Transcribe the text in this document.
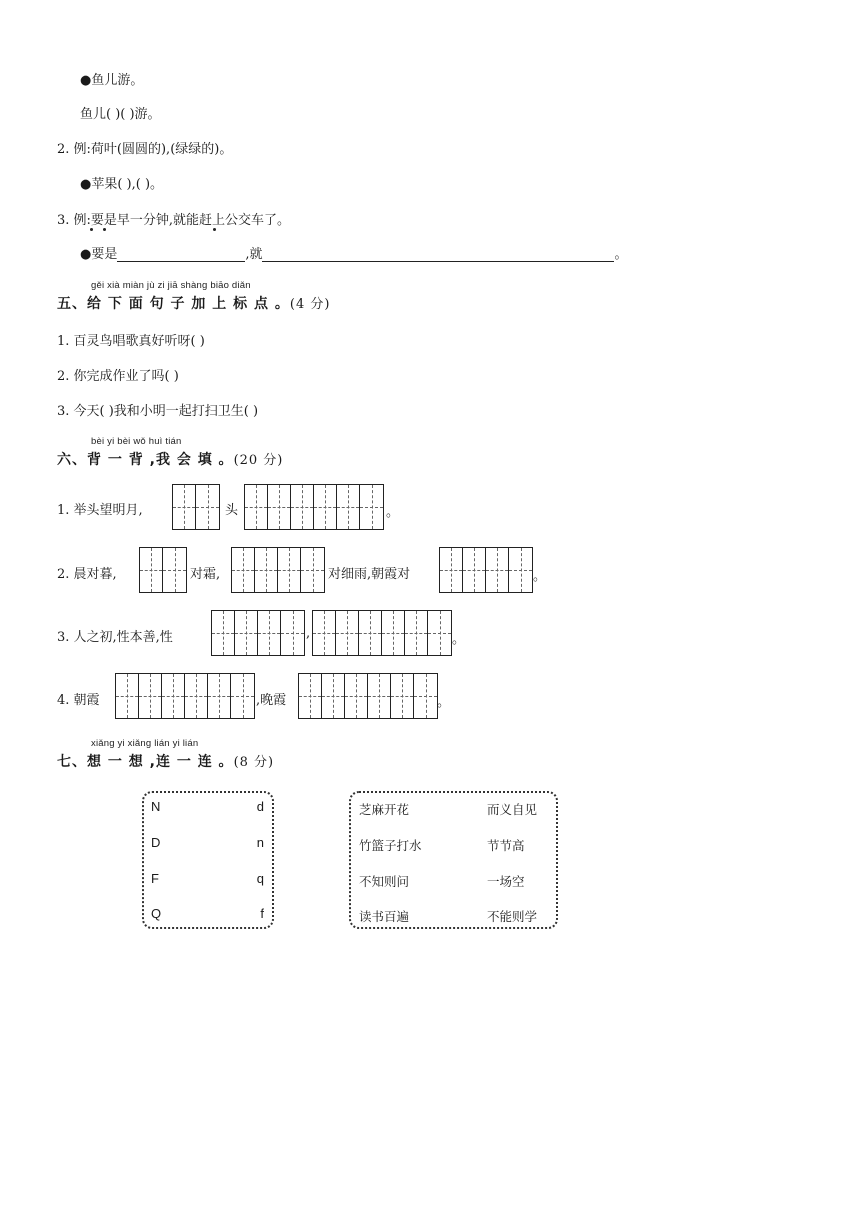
●鱼儿游。
鱼儿( )( )游。
2. 例:荷叶(圆圆的),(绿绿的)。
●苹果( ),( )。
3. 例:要是早一分钟,就能赶上公交车了。
●要是	,就	。
gěi xià miàn jù zi jiā shàng biāo diǎn
五、给 下 面 句 子 加 上 标 点 。(4 分)
1. 百灵鸟唱歌真好听呀( )
2. 你完成作业了吗( )
3. 今天( )我和小明一起打扫卫生( )
bèi yi bèi wǒ huì tián
六、背 一 背 ,我 会 填 。(20 分)
1. 举头望明月,	头	。
2. 晨对暮,	对霜,	对细雨,朝霞对	。
3. 人之初,性本善,性	,	。
4. 朝霞	,晚霞	。
xiǎng yi xiǎng lián yi lián
七、想 一 想 ,连 一 连 。(8 分)
N
D
F
Q
d
n
q
f
芝麻开花
竹篮子打水
不知则问
读书百遍
而义自见
节节高
一场空
不能则学
